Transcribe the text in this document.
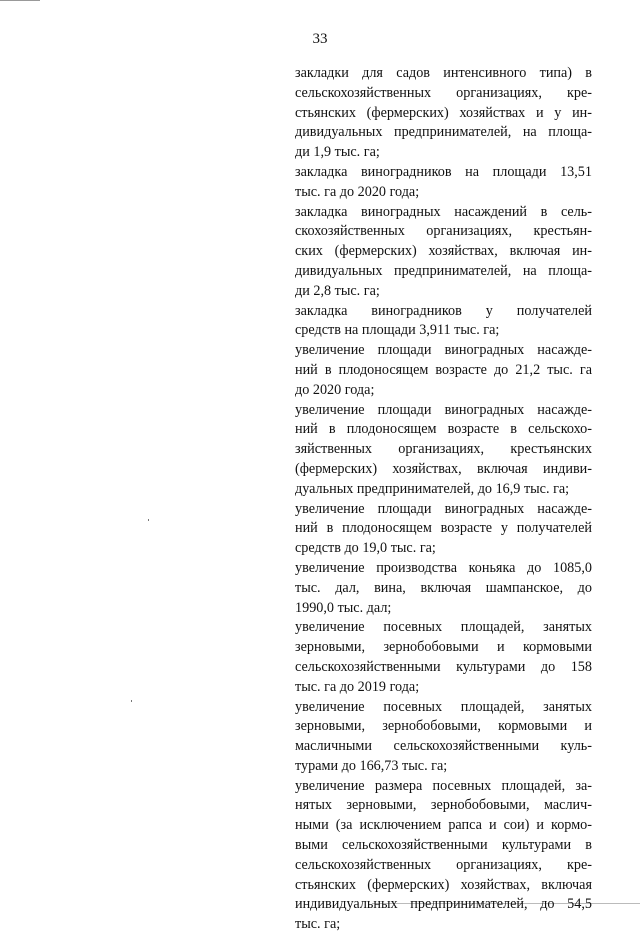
33
закладки для садов интенсивного типа) в
сельскохозяйственных организациях, кре-
стьянских (фермерских) хозяйствах и у ин-
дивидуальных предпринимателей, на площа-
ди 1,9 тыс. га;
закладка виноградников на площади 13,51
тыс. га до 2020 года;
закладка виноградных насаждений в сель-
скохозяйственных организациях, крестьян-
ских (фермерских) хозяйствах, включая ин-
дивидуальных предпринимателей, на площа-
ди 2,8 тыс. га;
закладка виноградников у получателей
средств на площади 3,911 тыс. га;
увеличение площади виноградных насажде-
ний в плодоносящем возрасте до 21,2 тыс. га
до 2020 года;
увеличение площади виноградных насажде-
ний в плодоносящем возрасте в сельскохо-
зяйственных организациях, крестьянских
(фермерских) хозяйствах, включая индиви-
дуальных предпринимателей, до 16,9 тыс. га;
увеличение площади виноградных насажде-
ний в плодоносящем возрасте у получателей
средств до 19,0 тыс. га;
увеличение производства коньяка до 1085,0
тыс. дал, вина, включая шампанское, до
1990,0 тыс. дал;
увеличение посевных площадей, занятых
зерновыми, зернобобовыми и кормовыми
сельскохозяйственными культурами до 158
тыс. га до 2019 года;
увеличение посевных площадей, занятых
зерновыми, зернобобовыми, кормовыми и
масличными сельскохозяйственными куль-
турами до 166,73 тыс. га;
увеличение размера посевных площадей, за-
нятых зерновыми, зернобобовыми, маслич-
ными (за исключением рапса и сои) и кормо-
выми сельскохозяйственными культурами в
сельскохозяйственных организациях, кре-
стьянских (фермерских) хозяйствах, включая
индивидуальных предпринимателей, до 54,5
тыс. га;
